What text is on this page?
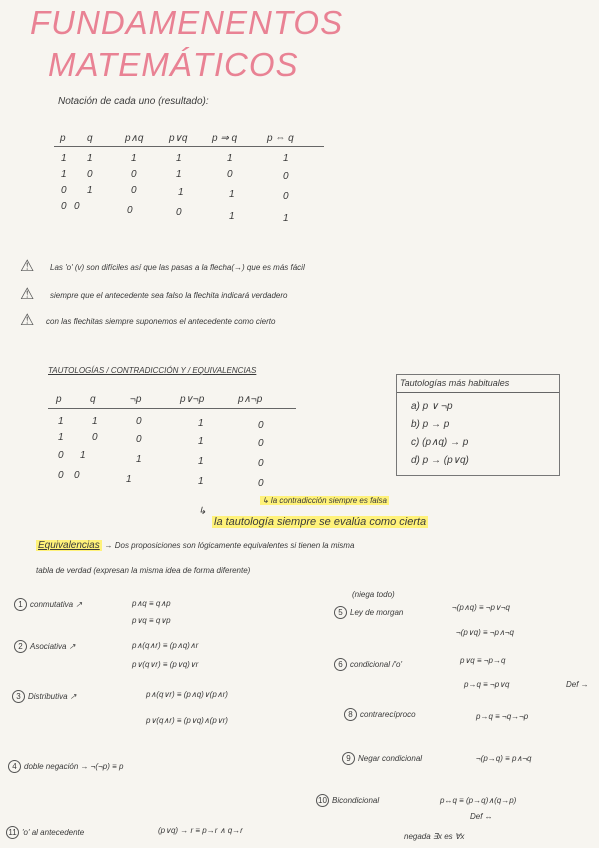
FUNDAMENENTOS
MATEMÁTICOS
Notación de cada uno (resultado):
p q	p∧q	p∨q p ⇒ q	p ⇔ q
1 1	1	1	1	1
1 0	0	1	0	0
0 1	0	1	1	0
0 0	0	0	1	1
⚠ Las 'o' (v) son difíciles así que las pasas a la flecha(→) que es más fácil
⚠ siempre que el antecedente sea falso la flechita indicará verdadero
⚠ con las flechitas siempre suponemos el antecedente como cierto
TAUTOLOGÍAS / CONTRADICCIÓN Y / EQUIVALENCIAS
p	q	¬p	p∨¬p	p∧¬p
1	1	0	1	0
1	0	0	1	0
0 1	1	1	0
0 0	1	1	0
Tautologías más habituales
a) p ∨ ¬p
b) p → p
c) (p∧q) → p
d) p → (p∨q)
↳ la contradicción siempre es falsa
↳
la tautología siempre se evalúa como cierta
Equivalencias → Dos proposiciones son lógicamente equivalentes si tienen la misma
tabla de verdad (expresan la misma idea de forma diferente)
1 conmutativa ↗	p∧q ≡ q∧p
p∨q ≡ q∨p
(niega todo)
5 Ley de morgan
¬(p∧q) ≡ ¬p∨¬q
¬(p∨q) ≡ ¬p∧¬q
2 Asociativa ↗	p∧(q∧r) ≡ (p∧q)∧r
p∨(q∨r) ≡ (p∨q)∨r	6 condicional /'o'	p∨q ≡ ¬p→q
p→q ≡ ¬p∨q	Def →
3 Distributiva ↗	p∧(q∨r) ≡ (p∧q)∨(p∧r)
p∨(q∧r) ≡ (p∨q)∧(p∨r)
8 contrarecíproco	p→q ≡ ¬q→¬p
9 Negar condicional	¬(p→q) ≡ p∧¬q
4 doble negación → ¬(¬p) ≡ p
10 Bicondicional	p↔q ≡ (p→q)∧(q→p)
Def ↔
11 'o' al antecedente	(p∨q) → r ≡ p→r ∧ q→r
negada ∃x es ∀x
